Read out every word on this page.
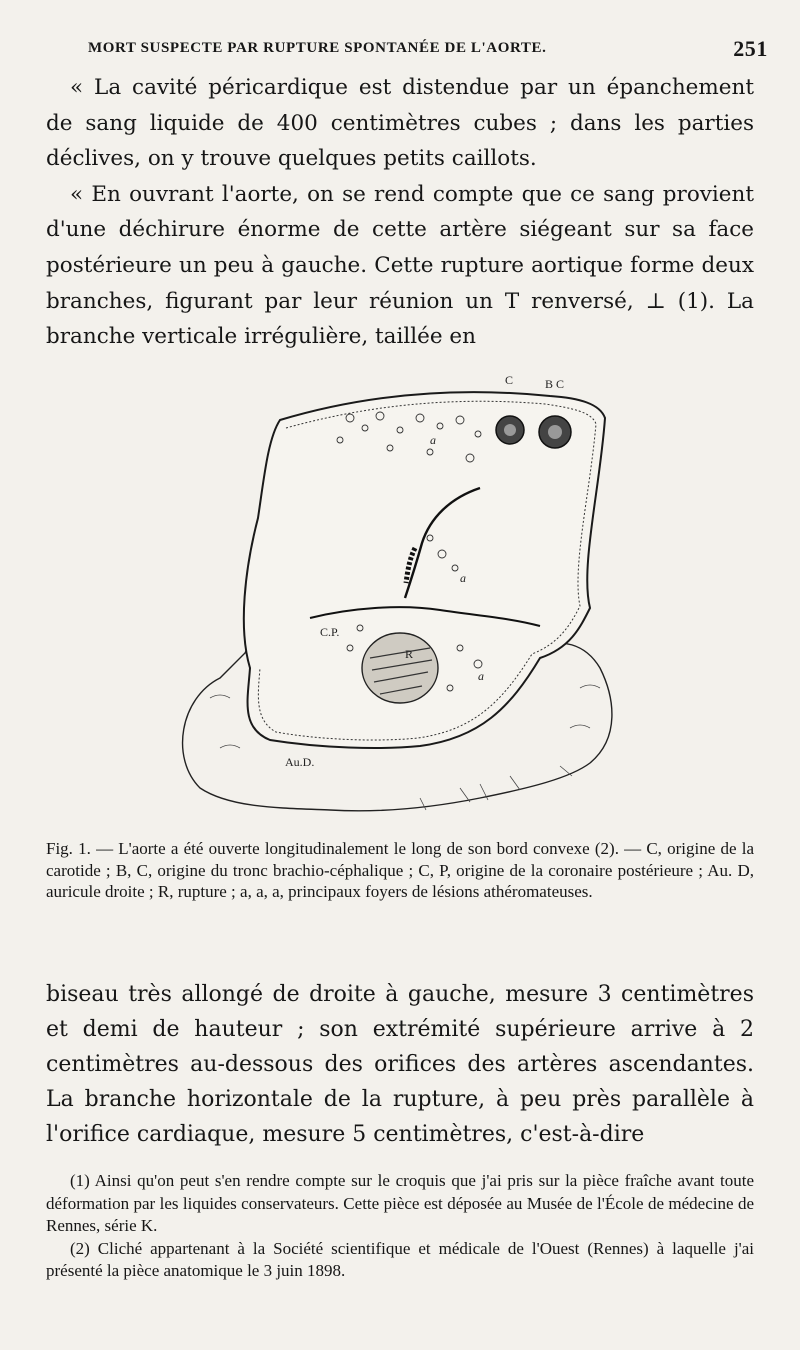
MORT SUSPECTE PAR RUPTURE SPONTANÉE DE L'AORTE.	251

« La cavité péricardique est distendue par un épanchement de sang liquide de 400 centimètres cubes ; dans les parties déclives, on y trouve quelques petits caillots.

« En ouvrant l'aorte, on se rend compte que ce sang provient d'une déchirure énorme de cette artère siégeant sur sa face postérieure un peu à gauche. Cette rupture aortique forme deux branches, figurant par leur réunion un T renversé, ⊥ (1). La branche verticale irrégulière, taillée en

C	B C
C.P.
Au.D.
R
a
a
a
Fig. 1. — L'aorte a été ouverte longitudinalement le long de son bord convexe (2). — C, origine de la carotide ; B, C, origine du tronc brachio-céphalique ; C, P, origine de la coronaire postérieure ; Au. D, auricule droite ; R, rupture ; a, a, a, principaux foyers de lésions athéromateuses.

biseau très allongé de droite à gauche, mesure 3 centimètres et demi de hauteur ; son extrémité supérieure arrive à 2 centimètres au-dessous des orifices des artères ascendantes. La branche horizontale de la rupture, à peu près parallèle à l'orifice cardiaque, mesure 5 centimètres, c'est-à-dire

(1) Ainsi qu'on peut s'en rendre compte sur le croquis que j'ai pris sur la pièce fraîche avant toute déformation par les liquides conservateurs. Cette pièce est déposée au Musée de l'École de médecine de Rennes, série K.

(2) Cliché appartenant à la Société scientifique et médicale de l'Ouest (Rennes) à laquelle j'ai présenté la pièce anatomique le 3 juin 1898.
